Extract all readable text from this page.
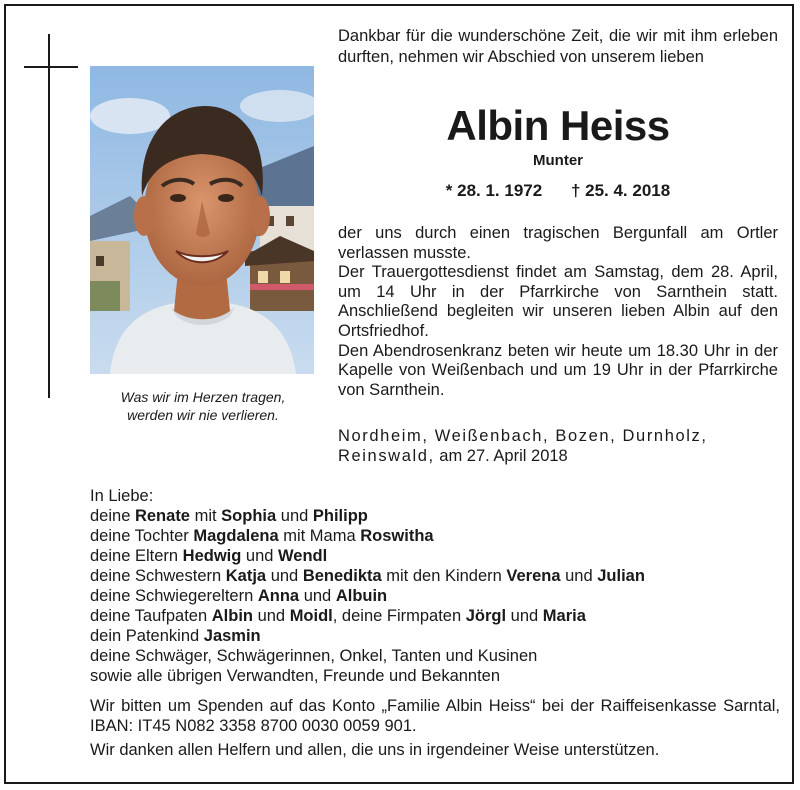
Was wir im Herzen tragen,
werden wir nie verlieren.
Dankbar für die wunderschöne Zeit, die wir mit ihm erleben durften, nehmen wir Abschied von unserem lieben
Albin Heiss
Munter
* 28. 1. 1972 † 25. 4. 2018

der uns durch einen tragischen Bergunfall am Ortler verlassen musste.

Der Trauergottesdienst findet am Samstag, dem 28. April, um 14 Uhr in der Pfarrkirche von Sarnthein statt. Anschließend begleiten wir unseren lieben Albin auf den Ortsfriedhof.

Den Abendrosenkranz beten wir heute um 18.30 Uhr in der Kapelle von Weißenbach und um 19 Uhr in der Pfarrkirche von Sarnthein.

Nordheim, Weißenbach, Bozen, Durnholz,
Reinswald, am 27. April 2018
In Liebe:
deine Renate mit Sophia und Philipp
deine Tochter Magdalena mit Mama Roswitha
deine Eltern Hedwig und Wendl
deine Schwestern Katja und Benedikta mit den Kindern Verena und Julian
deine Schwiegereltern Anna und Albuin
deine Taufpaten Albin und Moidl, deine Firmpaten Jörgl und Maria
dein Patenkind Jasmin
deine Schwäger, Schwägerinnen, Onkel, Tanten und Kusinen
sowie alle übrigen Verwandten, Freunde und Bekannten
Wir bitten um Spenden auf das Konto „Familie Albin Heiss“ bei der Raiffeisenkasse Sarntal, IBAN: IT45 N082 3358 8700 0030 0059 901.
Wir danken allen Helfern und allen, die uns in irgendeiner Weise unterstützen.
